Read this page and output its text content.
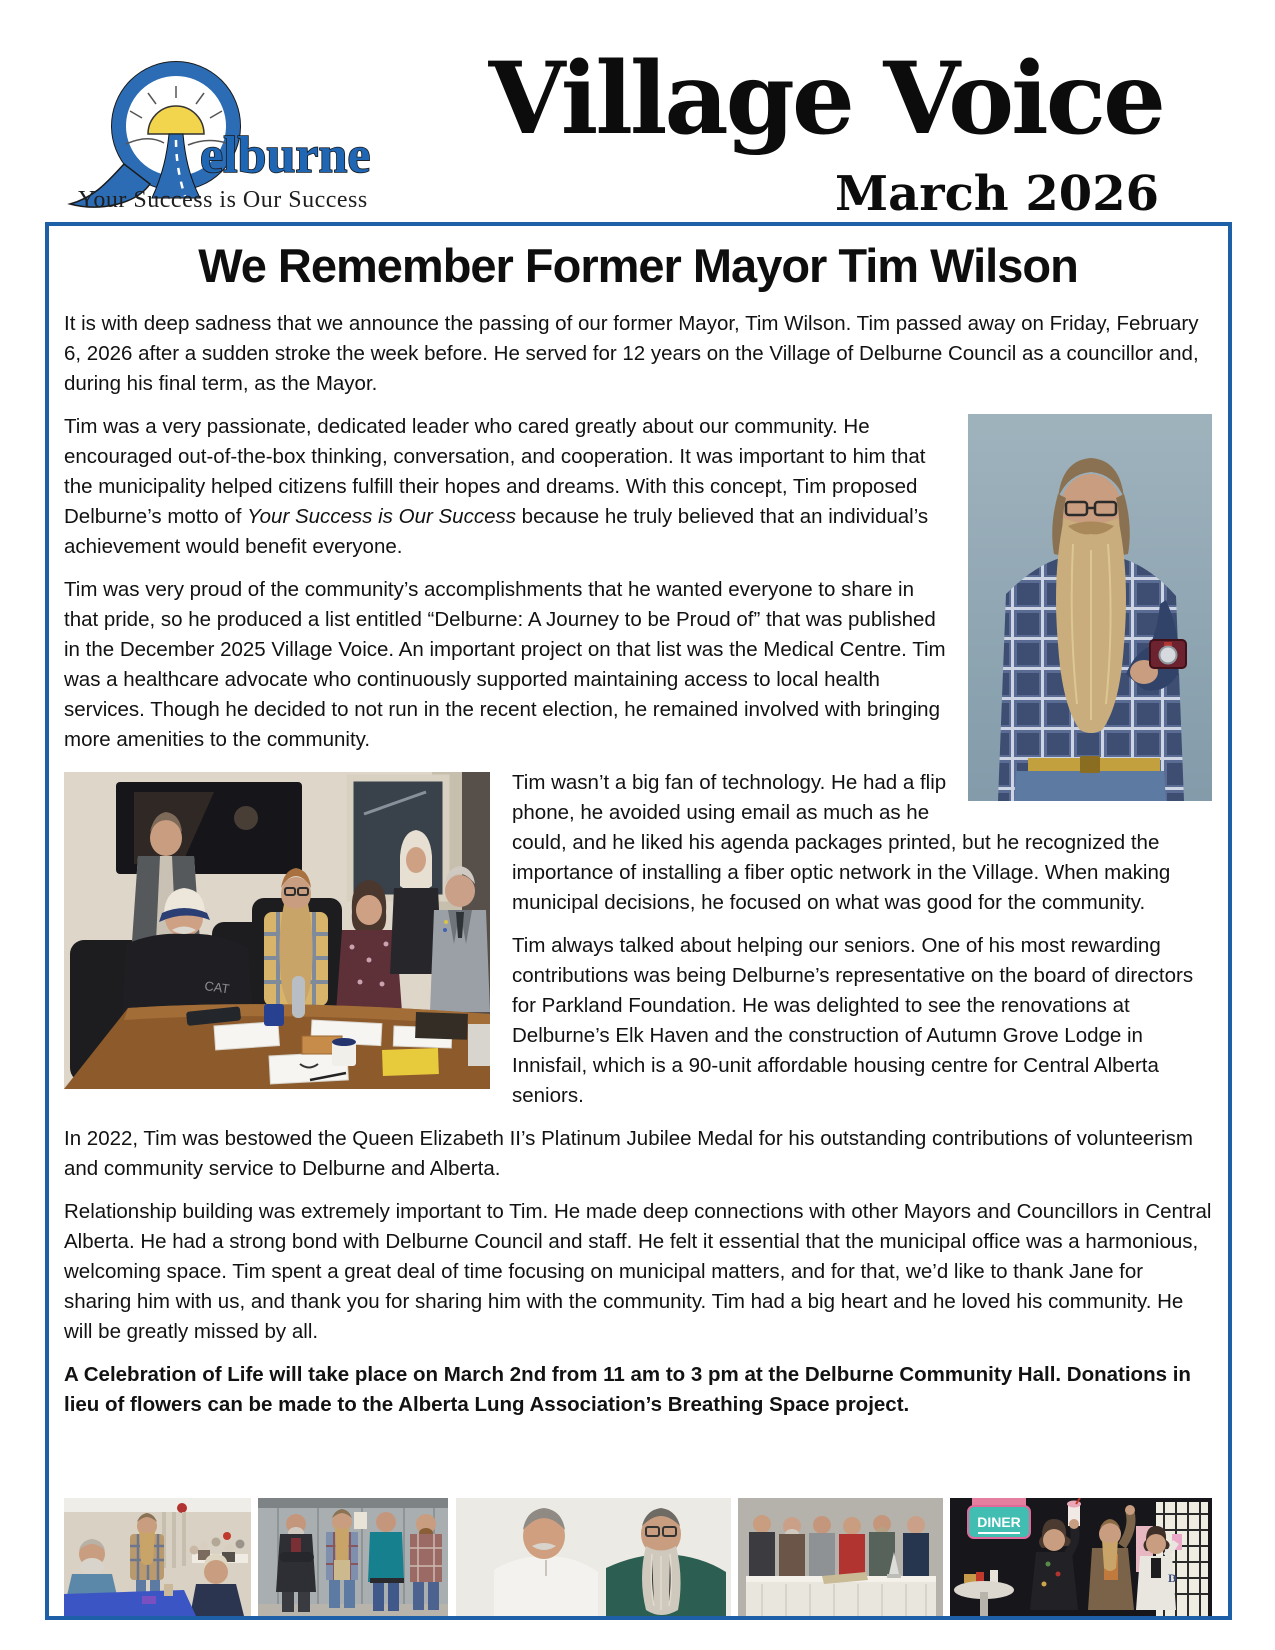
elburne
Your Success is Our Success
Village Voice
March 2026
We Remember Former Mayor Tim Wilson

It is with deep sadness that we announce the passing of our former Mayor, Tim Wilson. Tim passed away on Friday, February 6, 2026 after a sudden stroke the week before. He served for 12 years on the Village of Delburne Council as a councillor and, during his final term, as the Mayor.

Tim was a very passionate, dedicated leader who cared greatly about our community. He encouraged out-of-the-box thinking, conversation, and cooperation. It was important to him that the municipality helped citizens fulfill their hopes and dreams. With this concept, Tim proposed Delburne’s motto of Your Success is Our Success because he truly believed that an individual’s achievement would benefit everyone.

Tim was very proud of the community’s accomplishments that he wanted everyone to share in that pride, so he produced a list entitled “Delburne: A Journey to be Proud of” that was published in the December 2025 Village Voice. An important project on that list was the Medical Centre. Tim was a healthcare advocate who continuously supported maintaining access to local health services. Though he decided to not run in the recent election, he remained involved with bringing more amenities to the community.

CAT

Tim wasn’t a big fan of technology. He had a flip phone, he avoided using email as much as he could, and he liked his agenda packages printed, but he recognized the importance of installing a fiber optic network in the Village. When making municipal decisions, he focused on what was good for the community.

Tim always talked about helping our seniors. One of his most rewarding contributions was being Delburne’s representative on the board of directors for Parkland Foundation. He was delighted to see the renovations at Delburne’s Elk Haven and the construction of Autumn Grove Lodge in Innisfail, which is a 90-unit affordable housing centre for Central Alberta seniors.

In 2022, Tim was bestowed the Queen Elizabeth II’s Platinum Jubilee Medal for his outstanding contributions of volunteerism and community service to Delburne and Alberta.

Relationship building was extremely important to Tim. He made deep connections with other Mayors and Councillors in Central Alberta. He had a strong bond with Delburne Council and staff. He felt it essential that the municipal office was a harmonious, welcoming space. Tim spent a great deal of time focusing on municipal matters, and for that, we’d like to thank Jane for sharing him with us, and thank you for sharing him with the community. Tim had a big heart and he loved his community. He will be greatly missed by all.

A Celebration of Life will take place on March 2nd from 11 am to 3 pm at the Delburne Community Hall. Donations in lieu of flowers can be made to the Alberta Lung Association’s Breathing Space project.

DINER
D
